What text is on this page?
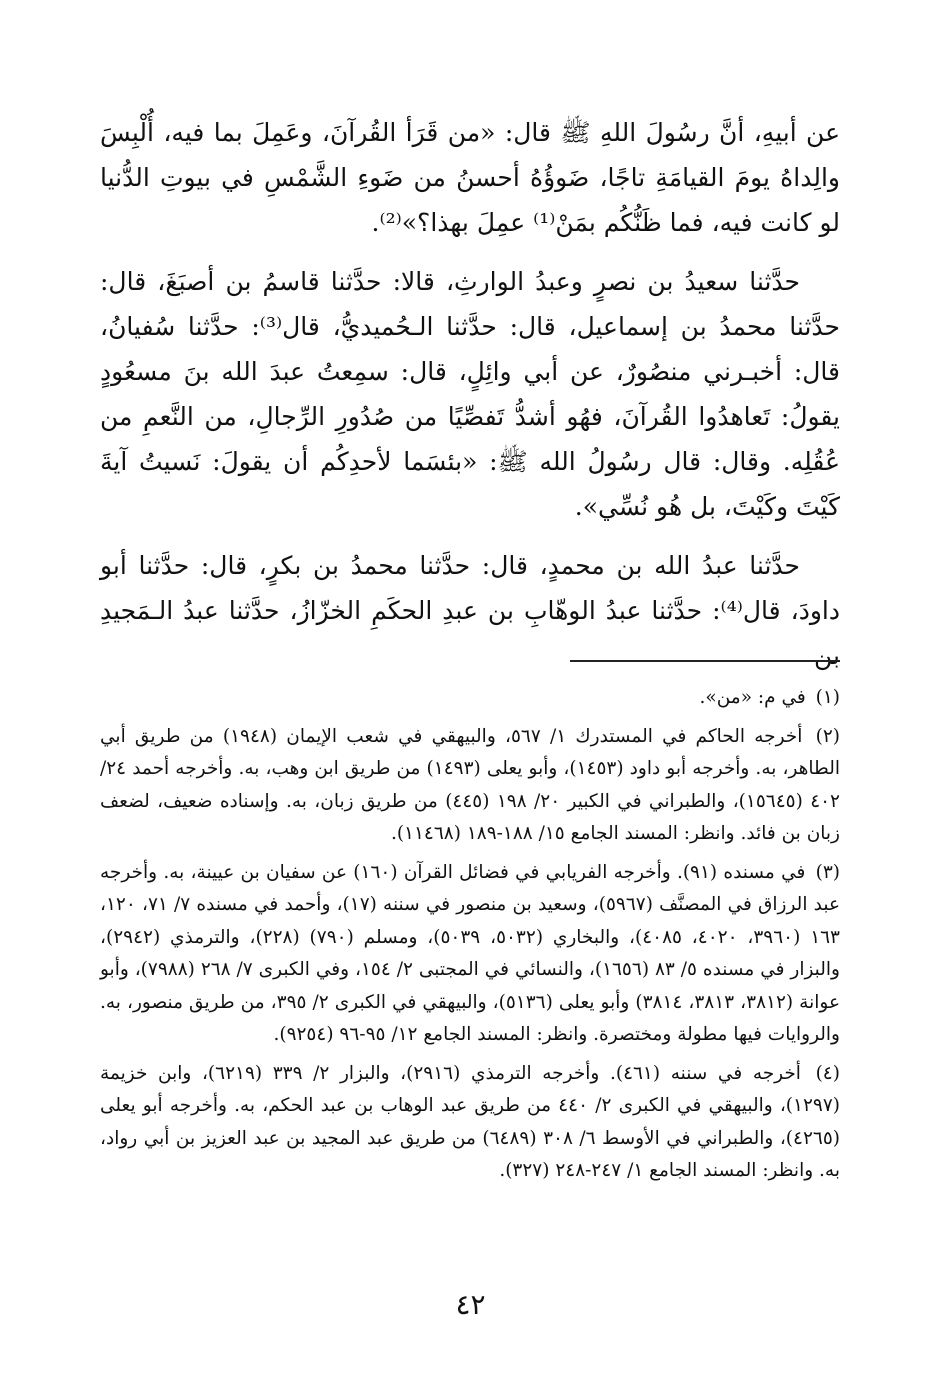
عن أبيهِ، أنَّ رسُولَ اللهِ ﷺ قال: «من قَرَأ القُرآنَ، وعَمِلَ بما فيه، أُلْبِسَ والِداهُ يومَ القيامَةِ تاجًا، ضَوؤُهُ أحسنُ من ضَوءِ الشَّمْسِ في بيوتِ الدُّنيا لو كانت فيه، فما ظَنُّكُم بمَنْ⁽¹⁾ عمِلَ بهذا؟»⁽²⁾.

حدَّثنا سعيدُ بن نصرٍ وعبدُ الوارثِ، قالا: حدَّثنا قاسمُ بن أصبَغَ، قال: حدَّثنا محمدُ بن إسماعيل، قال: حدَّثنا الـحُميديُّ، قال⁽³⁾: حدَّثنا سُفيانُ، قال: أخبـرني منصُورٌ، عن أبي وائِلٍ، قال: سمِعتُ عبدَ الله بنَ مسعُودٍ يقولُ: تَعاهدُوا القُرآنَ، فهُو أشدُّ تَفصِّيًا من صُدُورِ الرِّجالِ، من النَّعمِ من عُقُلِه. وقال: قال رسُولُ الله ﷺ: «بئسَما لأحدِكُم أن يقولَ: نَسيتُ آيةَ كَيْتَ وكَيْتَ، بل هُو نُسِّي».

حدَّثنا عبدُ الله بن محمدٍ، قال: حدَّثنا محمدُ بن بكرٍ، قال: حدَّثنا أبو داودَ، قال⁽⁴⁾: حدَّثنا عبدُ الوهّابِ بن عبدِ الحكَمِ الخزّازُ، حدَّثنا عبدُ الـمَجيدِ بن

(١) في م: «من».
(٢) أخرجه الحاكم في المستدرك ١/ ٥٦٧، والبيهقي في شعب الإيمان (١٩٤٨) من طريق أبي الطاهر، به. وأخرجه أبو داود (١٤٥٣)، وأبو يعلى (١٤٩٣) من طريق ابن وهب، به. وأخرجه أحمد ٢٤/ ٤٠٢ (١٥٦٤٥)، والطبراني في الكبير ٢٠/ ١٩٨ (٤٤٥) من طريق زبان، به. وإسناده ضعيف، لضعف زبان بن فائد. وانظر: المسند الجامع ١٥/ ١٨٨-١٨٩ (١١٤٦٨).
(٣) في مسنده (٩١). وأخرجه الفريابي في فضائل القرآن (١٦٠) عن سفيان بن عيينة، به. وأخرجه عبد الرزاق في المصنَّف (٥٩٦٧)، وسعيد بن منصور في سننه (١٧)، وأحمد في مسنده ٧/ ٧١، ١٢٠، ١٦٣ (٣٩٦٠، ٤٠٢٠، ٤٠٨٥)، والبخاري (٥٠٣٢، ٥٠٣٩)، ومسلم (٧٩٠) (٢٢٨)، والترمذي (٢٩٤٢)، والبزار في مسنده ٥/ ٨٣ (١٦٥٦)، والنسائي في المجتبى ٢/ ١٥٤، وفي الكبرى ٧/ ٢٦٨ (٧٩٨٨)، وأبو عوانة (٣٨١٢، ٣٨١٣، ٣٨١٤) وأبو يعلى (٥١٣٦)، والبيهقي في الكبرى ٢/ ٣٩٥، من طريق منصور، به. والروايات فيها مطولة ومختصرة. وانظر: المسند الجامع ١٢/ ٩٥-٩٦ (٩٢٥٤).
(٤) أخرجه في سننه (٤٦١). وأخرجه الترمذي (٢٩١٦)، والبزار ٢/ ٣٣٩ (٦٢١٩)، وابن خزيمة (١٢٩٧)، والبيهقي في الكبرى ٢/ ٤٤٠ من طريق عبد الوهاب بن عبد الحكم، به. وأخرجه أبو يعلى (٤٢٦٥)، والطبراني في الأوسط ٦/ ٣٠٨ (٦٤٨٩) من طريق عبد المجيد بن عبد العزيز بن أبي رواد، به. وانظر: المسند الجامع ١/ ٢٤٧-٢٤٨ (٣٢٧).
٤٢
